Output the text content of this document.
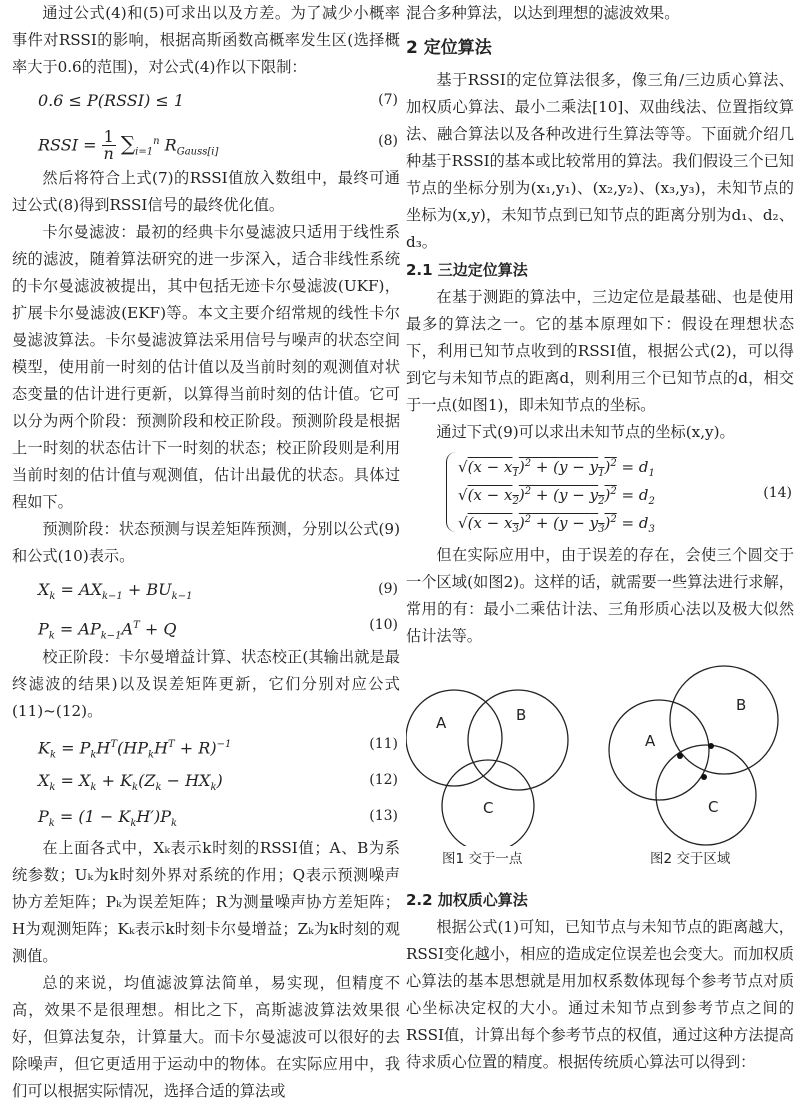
通过公式(4)和(5)可求出以及方差。为了减少小概率事件对RSSI的影响，根据高斯函数高概率发生区(选择概率大于0.6的范围)，对公式(4)作以下限制：

0.6 ≤ P(RSSI) ≤ 1	(7)
RSSI = $\frac{1}{n} \sum_{i=1}^n$ $R_{Gauss[i]}$
(8)

然后将符合上式(7)的RSSI值放入数组中，最终可通过公式(8)得到RSSI信号的最终优化值。

卡尔曼滤波：最初的经典卡尔曼滤波只适用于线性系统的滤波，随着算法研究的进一步深入，适合非线性系统的卡尔曼滤波被提出，其中包括无迹卡尔曼滤波(UKF)，扩展卡尔曼滤波(EKF)等。本文主要介绍常规的线性卡尔曼滤波算法。卡尔曼滤波算法采用信号与噪声的状态空间模型，使用前一时刻的估计值以及当前时刻的观测值对状态变量的估计进行更新，以算得当前时刻的估计值。它可以分为两个阶段：预测阶段和校正阶段。预测阶段是根据上一时刻的状态估计下一时刻的状态；校正阶段则是利用当前时刻的估计值与观测值，估计出最优的状态。具体过程如下。

预测阶段：状态预测与误差矩阵预测，分别以公式(9)和公式(10)表示。

$X_k = AX_{k-1} + BU_{k-1}$	(9)
$P_k = AP_{k-1}A^T + Q$	(10)

校正阶段：卡尔曼增益计算、状态校正(其输出就是最终滤波的结果)以及误差矩阵更新，它们分别对应公式(11)~(12)。

$K_k = P_kH^T(HP_kH^T + R)^{-1}$	(11)
$X_k = X_k + K_k(Z_k - HX_k)$	(12)
$P_k = (1 - K_kH')P_k$	(13)

在上面各式中，Xₖ表示k时刻的RSSI值；A、B为系统参数；Uₖ为k时刻外界对系统的作用；Q表示预测噪声协方差矩阵；Pₖ为误差矩阵；R为测量噪声协方差矩阵；H为观测矩阵；Kₖ表示k时刻卡尔曼增益；Zₖ为k时刻的观测值。

总的来说，均值滤波算法简单，易实现，但精度不高，效果不是很理想。相比之下，高斯滤波算法效果很好，但算法复杂，计算量大。而卡尔曼滤波可以很好的去除噪声，但它更适用于运动中的物体。在实际应用中，我们可以根据实际情况，选择合适的算法或

混合多种算法，以达到理想的滤波效果。

2 定位算法

基于RSSI的定位算法很多，像三角/三边质心算法、加权质心算法、最小二乘法[10]、双曲线法、位置指纹算法、融合算法以及各种改进行生算法等等。下面就介绍几种基于RSSI的基本或比较常用的算法。我们假设三个已知节点的坐标分别为(x₁,y₁)、(x₂,y₂)、(x₃,y₃)，未知节点的坐标为(x,y)，未知节点到已知节点的距离分别为d₁、d₂、d₃。

2.1 三边定位算法

在基于测距的算法中，三边定位是最基础、也是使用最多的算法之一。它的基本原理如下：假设在理想状态下，利用已知节点收到的RSSI值，根据公式(2)，可以得到它与未知节点的距离d，则利用三个已知节点的d，相交于一点(如图1)，即未知节点的坐标。

通过下式(9)可以求出未知节点的坐标(x,y)。

$√(x - x_1)^2 + (y - y_1)^2 = d_1$
$√(x - x_2)^2 + (y - y_2)^2 = d_2$
$√(x - x_3)^2 + (y - y_3)^2 = d_3$
(14)

但在实际应用中，由于误差的存在，会使三个圆交于一个区域(如图2)。这样的话，就需要一些算法进行求解，常用的有：最小二乘估计法、三角形质心法以及极大似然估计法等。

A	B
C
A
B
C
图1 交于一点	图2 交于区域
2.2 加权质心算法

根据公式(1)可知，已知节点与未知节点的距离越大，RSSI变化越小，相应的造成定位误差也会变大。而加权质心算法的基本思想就是用加权系数体现每个参考节点对质心坐标决定权的大小。通过未知节点到参考节点之间的RSSI值，计算出每个参考节点的权值，通过这种方法提高待求质心位置的精度。根据传统质心算法可以得到：
